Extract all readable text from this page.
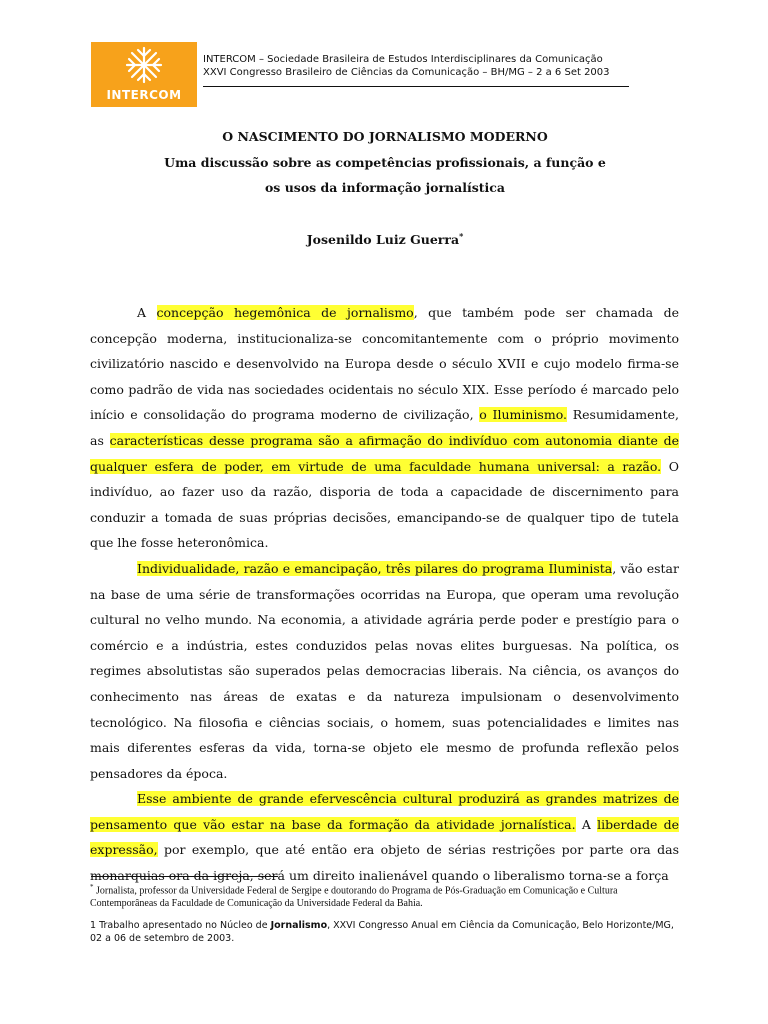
INTERCOM
INTERCOM – Sociedade Brasileira de Estudos Interdisciplinares da Comunicação
XXVI Congresso Brasileiro de Ciências da Comunicação – BH/MG – 2 a 6 Set 2003
O NASCIMENTO DO JORNALISMO MODERNO
Uma discussão sobre as competências profissionais, a função e
os usos da informação jornalística
Josenildo Luiz Guerra*

A concepção hegemônica de jornalismo, que também pode ser chamada de concepção moderna, institucionaliza-se concomitantemente com o próprio movimento civilizatório nascido e desenvolvido na Europa desde o século XVII e cujo modelo firma-se como padrão de vida nas sociedades ocidentais no século XIX. Esse período é marcado pelo início e consolidação do programa moderno de civilização, o Iluminismo. Resumidamente, as características desse programa são a afirmação do indivíduo com autonomia diante de qualquer esfera de poder, em virtude de uma faculdade humana universal: a razão. O indivíduo, ao fazer uso da razão, disporia de toda a capacidade de discernimento para conduzir a tomada de suas próprias decisões, emancipando-se de qualquer tipo de tutela que lhe fosse heteronômica.

Individualidade, razão e emancipação, três pilares do programa Iluminista, vão estar na base de uma série de transformações ocorridas na Europa, que operam uma revolução cultural no velho mundo. Na economia, a atividade agrária perde poder e prestígio para o comércio e a indústria, estes conduzidos pelas novas elites burguesas. Na política, os regimes absolutistas são superados pelas democracias liberais. Na ciência, os avanços do conhecimento nas áreas de exatas e da natureza impulsionam o desenvolvimento tecnológico. Na filosofia e ciências sociais, o homem, suas potencialidades e limites nas mais diferentes esferas da vida, torna-se objeto ele mesmo de profunda reflexão pelos pensadores da época.

Esse ambiente de grande efervescência cultural produzirá as grandes matrizes de pensamento que vão estar na base da formação da atividade jornalística. A liberdade de expressão, por exemplo, que até então era objeto de sérias restrições por parte ora das monarquias ora da igreja, será um direito inalienável quando o liberalismo torna-se a força

* Jornalista, professor da Universidade Federal de Sergipe e doutorando do Programa de Pós-Graduação em Comunicação e Cultura Contemporâneas da Faculdade de Comunicação da Universidade Federal da Bahia.
1 Trabalho apresentado no Núcleo de Jornalismo, XXVI Congresso Anual em Ciência da Comunicação, Belo Horizonte/MG, 02 a 06 de setembro de 2003.
